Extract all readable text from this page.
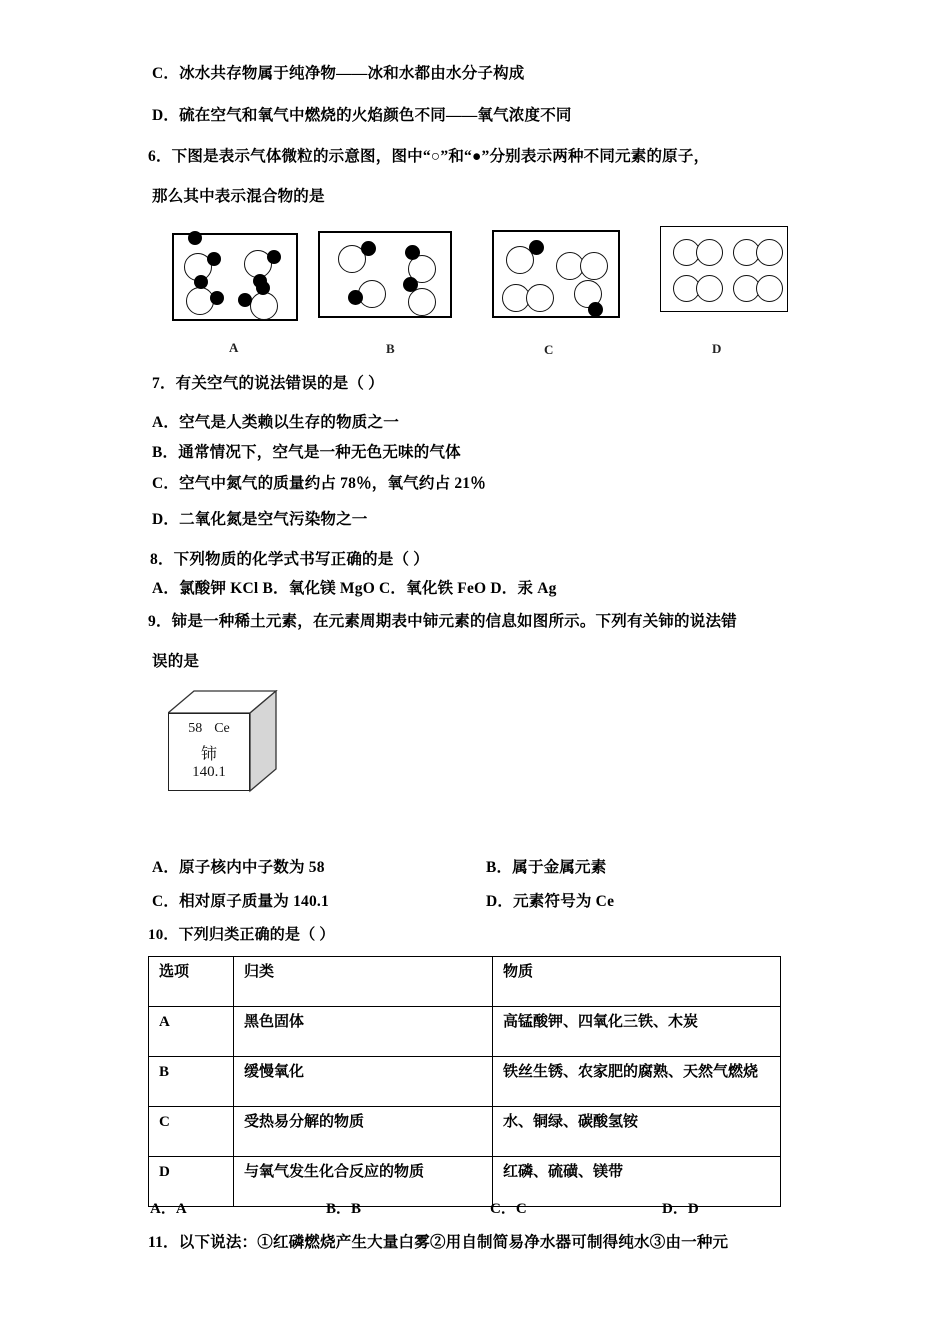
C．冰水共存物属于纯净物——冰和水都由水分子构成
D．硫在空气和氧气中燃烧的火焰颜色不同——氧气浓度不同
6．下图是表示气体微粒的示意图，图中“○”和“●”分别表示两种不同元素的原子，
那么其中表示混合物的是
A	B	C	D
7．有关空气的说法错误的是（ ）
A．空气是人类赖以生存的物质之一
B．通常情况下，空气是一种无色无味的气体
C．空气中氮气的质量约占 78％，氧气约占 21％
D．二氧化氮是空气污染物之一
8．下列物质的化学式书写正确的是（ ）
A．氯酸钾 KCl B．氧化镁 MgO C．氧化铁 FeO D．汞 Ag
9．铈是一种稀土元素，在元素周期表中铈元素的信息如图所示。下列有关铈的说法错
误的是
58 Ce
铈
140.1
A．原子核内中子数为 58	B．属于金属元素
C．相对原子质量为 140.1	D．元素符号为 Ce
10．下列归类正确的是（ ）
选项	归类	物质
A	黑色固体	高锰酸钾、四氧化三铁、木炭
B	缓慢氧化	铁丝生锈、农家肥的腐熟、天然气燃烧
C	受热易分解的物质	水、铜绿、碳酸氢铵
D	与氧气发生化合反应的物质	红磷、硫磺、镁带
A．A	B．B	C．C	D．D
11．以下说法：①红磷燃烧产生大量白雾②用自制简易净水器可制得纯水③由一种元
